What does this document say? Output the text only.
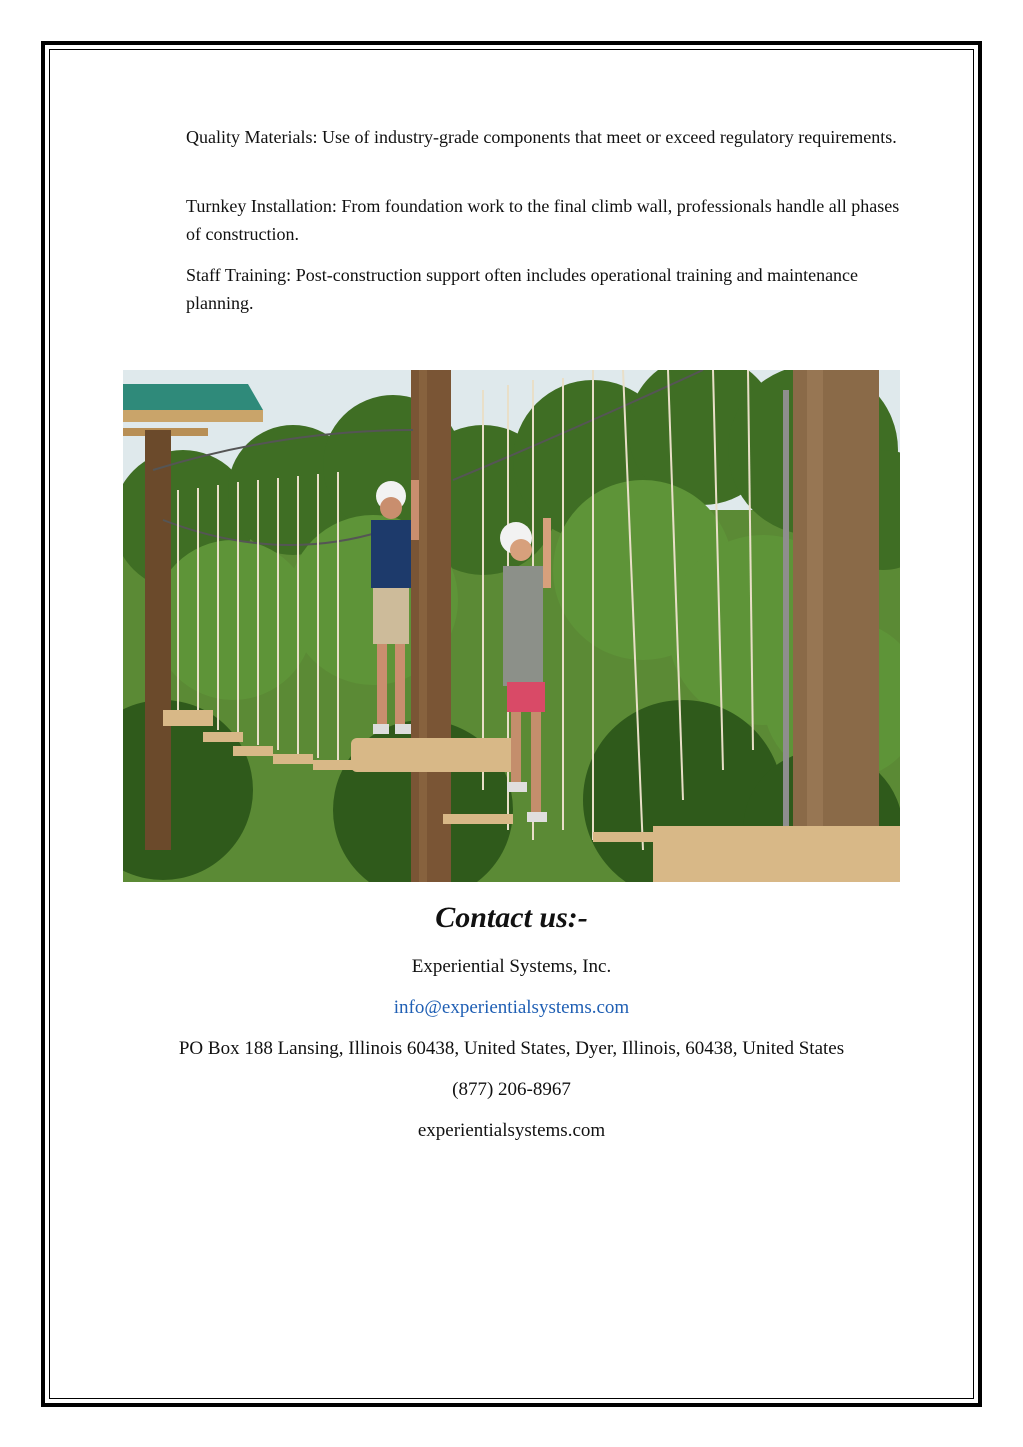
Quality Materials: Use of industry-grade components that meet or exceed regulatory requirements.

Turnkey Installation: From foundation work to the final climb wall, professionals handle all phases of construction.

Staff Training: Post-construction support often includes operational training and maintenance planning.

Contact us:-

Experiential Systems, Inc.

info@experientialsystems.com

PO Box 188 Lansing, Illinois 60438, United States, Dyer, Illinois, 60438, United States

(877) 206-8967

experientialsystems.com
